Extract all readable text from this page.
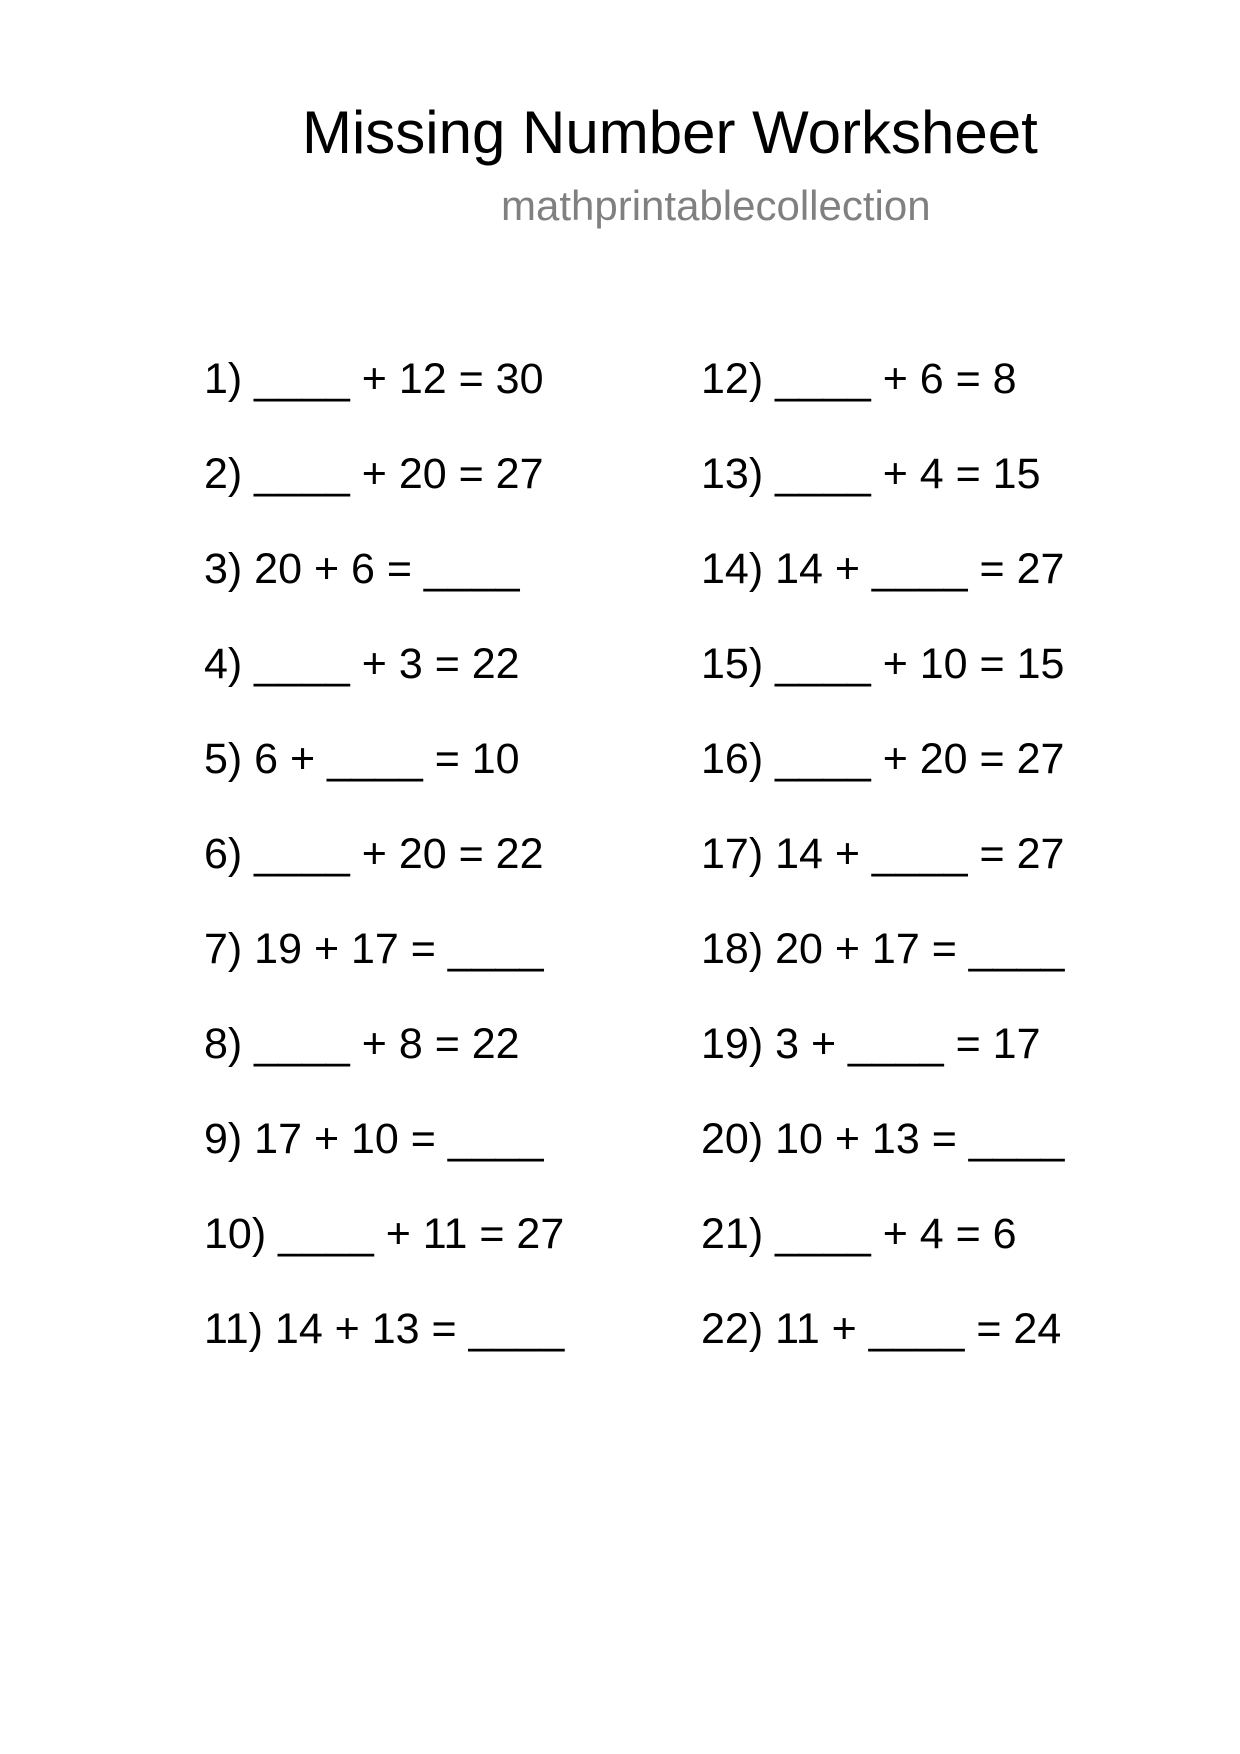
Missing Number Worksheet
mathprintablecollection
1) ____ + 12 = 30
2) ____ + 20 = 27
3) 20 + 6 = ____
4) ____ + 3 = 22
5) 6 + ____ = 10
6) ____ + 20 = 22
7) 19 + 17 = ____
8) ____ + 8 = 22
9) 17 + 10 = ____
10) ____ + 11 = 27
11) 14 + 13 = ____
12) ____ + 6 = 8
13) ____ + 4 = 15
14) 14 + ____ = 27
15) ____ + 10 = 15
16) ____ + 20 = 27
17) 14 + ____ = 27
18) 20 + 17 = ____
19) 3 + ____ = 17
20) 10 + 13 = ____
21) ____ + 4 = 6
22) 11 + ____ = 24
